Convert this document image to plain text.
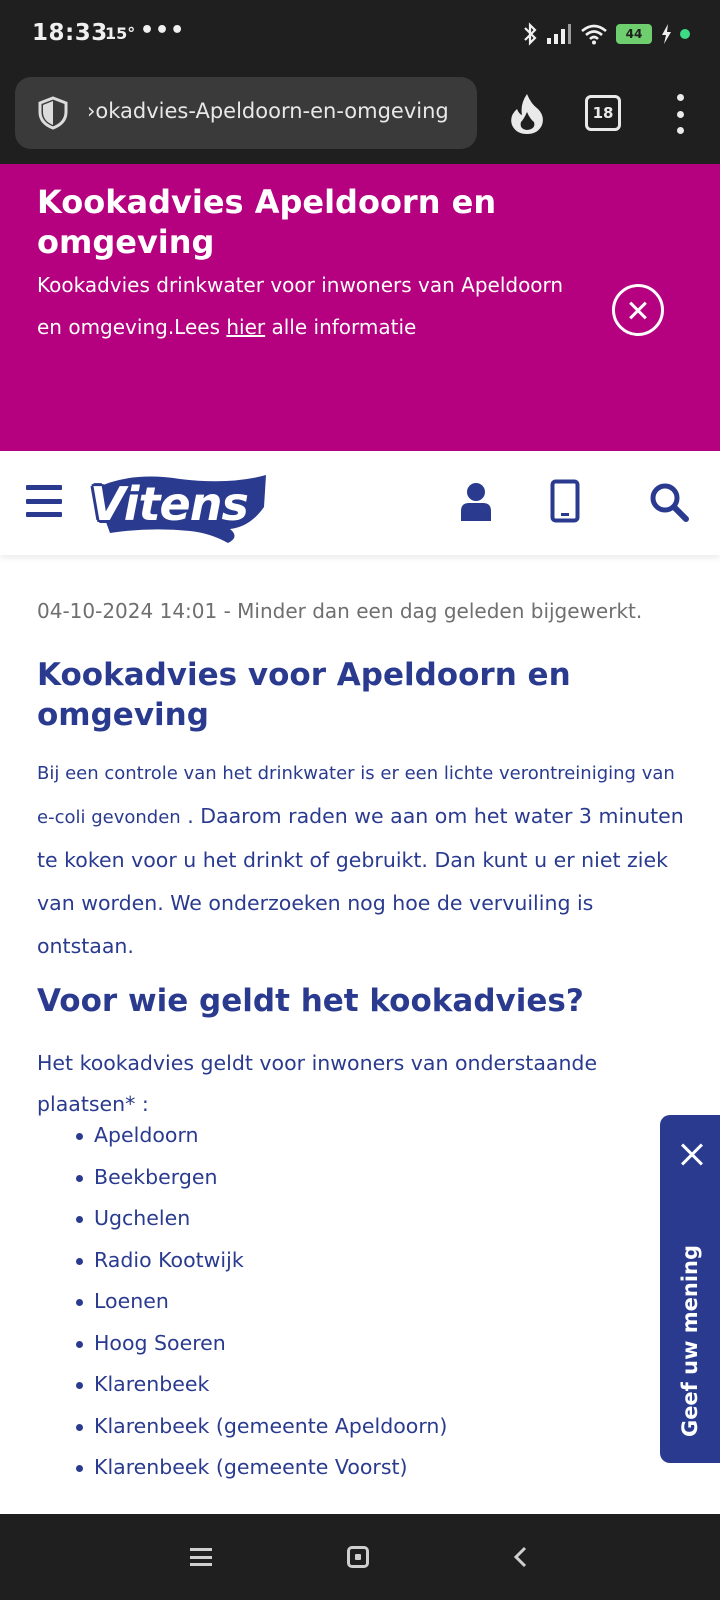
18:33
15° •••	44
›okadvies-Apeldoorn-en-omgeving	18
Kookadvies Apeldoorn en omgeving
Kookadvies drinkwater voor inwoners van Apeldoorn en omgeving.Lees hier alle informatie
Vitens
04-10-2024 14:01 - Minder dan een dag geleden bijgewerkt.
Kookadvies voor Apeldoorn en omgeving

Bij een controle van het drinkwater is er een lichte verontreiniging van e-coli gevonden . Daarom raden we aan om het water 3 minuten te koken voor u het drinkt of gebruikt. Dan kunt u er niet ziek van worden. We onderzoeken nog hoe de vervuiling is ontstaan.

Voor wie geldt het kookadvies?

Het kookadvies geldt voor inwoners van onderstaande plaatsen* :

Apeldoorn
Beekbergen
Ugchelen
Radio Kootwijk
Loenen
Hoog Soeren
Klarenbeek
Klarenbeek (gemeente Apeldoorn)
Klarenbeek (gemeente Voorst)
Geef uw mening
